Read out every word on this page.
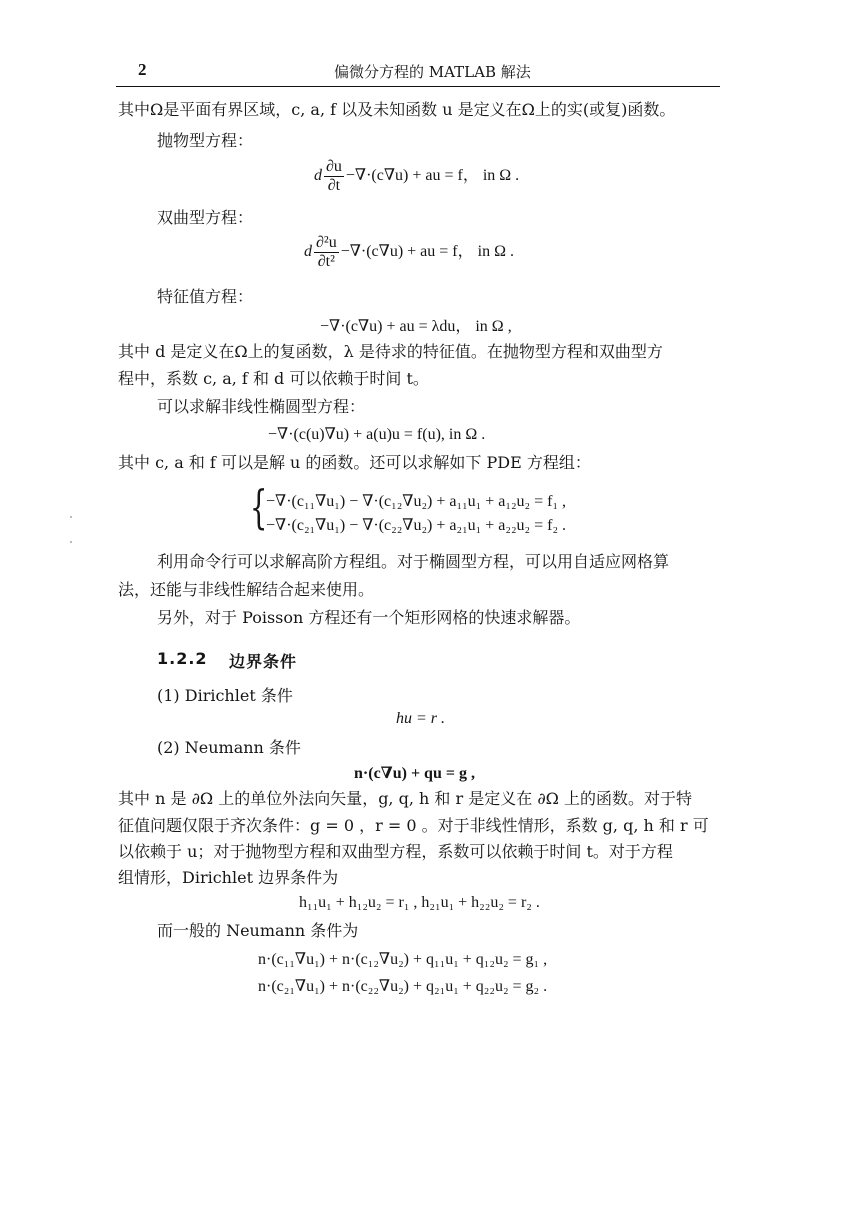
2	偏微分方程的 MATLAB 解法
其中Ω是平面有界区域，c, a, f 以及未知函数 u 是定义在Ω上的实(或复)函数。
抛物型方程：
d $\frac{\partial u}{\partial t} -\nabla\cdot(c\nabla u)$ + au = f， in Ω .
双曲型方程：
d $\frac{\text{∂²u}}{\text{∂t²}} -\nabla\cdot(c\nabla u)$ + au = f， in Ω .
特征值方程：
−∇·(c∇u) + au = λdu， in Ω ,
其中 d 是定义在Ω上的复函数，λ 是待求的特征值。在抛物型方程和双曲型方
程中，系数 c, a, f 和 d 可以依赖于时间 t。
可以求解非线性椭圆型方程：
−∇·(c(u)∇u) + a(u)u = f(u), in Ω .
其中 c, a 和 f 可以是解 u 的函数。还可以求解如下 PDE 方程组：
{
−∇·(c₁₁∇u₁) − ∇·(c₁₂∇u₂) + a₁₁u₁ + a₁₂u₂ = f₁ ,
−∇·(c₂₁∇u₁) − ∇·(c₂₂∇u₂) + a₂₁u₁ + a₂₂u₂ = f₂ .
利用命令行可以求解高阶方程组。对于椭圆型方程，可以用自适应网格算
法，还能与非线性解结合起来使用。
另外，对于 Poisson 方程还有一个矩形网格的快速求解器。
1.2.2 边界条件
(1) Dirichlet 条件
hu = r .
(2) Neumann 条件
n·(c∇u) + qu = g ,
其中 n 是 ∂Ω 上的单位外法向矢量，g, q, h 和 r 是定义在 ∂Ω 上的函数。对于特
征值问题仅限于齐次条件：g = 0 ，r = 0 。对于非线性情形，系数 g, q, h 和 r 可
以依赖于 u；对于抛物型方程和双曲型方程，系数可以依赖于时间 t。对于方程
组情形，Dirichlet 边界条件为
h₁₁u₁ + h₁₂u₂ = r₁ , h₂₁u₁ + h₂₂u₂ = r₂ .
而一般的 Neumann 条件为
n·(c₁₁∇u₁) + n·(c₁₂∇u₂) + q₁₁u₁ + q₁₂u₂ = g₁ ,
n·(c₂₁∇u₁) + n·(c₂₂∇u₂) + q₂₁u₁ + q₂₂u₂ = g₂ .
